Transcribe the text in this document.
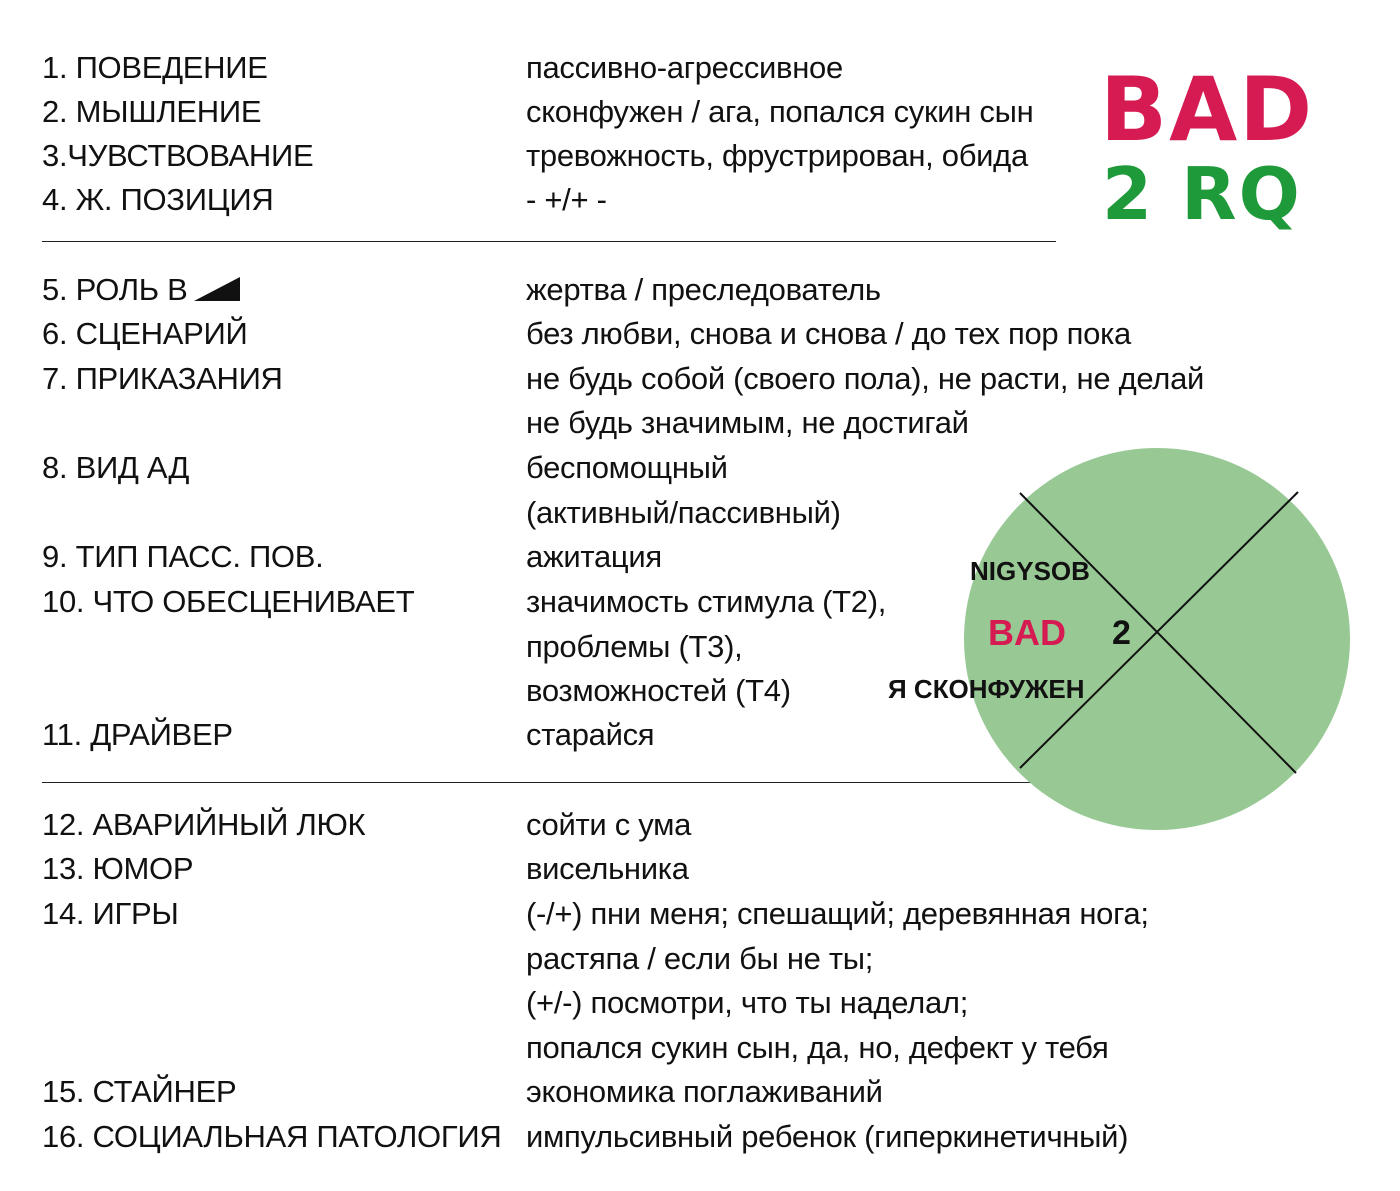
BAD
2 RQ
1. ПОВЕДЕНИЕ	пассивно-агрессивное
2. МЫШЛЕНИЕ	сконфужен / ага, попался сукин сын
3.ЧУВСТВОВАНИЕ	тревожность, фрустрирован, обида
4. Ж. ПОЗИЦИЯ	- +/+ -
5. РОЛЬ В	жертва / преследователь
6. СЦЕНАРИЙ	без любви, снова и снова / до тех пор пока
7. ПРИКАЗАНИЯ	не будь собой (своего пола), не расти, не делай
не будь значимым, не достигай
8. ВИД АД	беспомощный
(активный/пассивный)
9. ТИП ПАСС. ПОВ.	ажитация
10. ЧТО ОБЕСЦЕНИВАЕТ	значимость стимула (Т2),
проблемы (Т3),
возможностей (Т4)
11. ДРАЙВЕР	старайся
12. АВАРИЙНЫЙ ЛЮК	сойти с ума
13. ЮМОР	висельника
14. ИГРЫ	(-/+) пни меня; спешащий; деревянная нога;
растяпа / если бы не ты;
(+/-) посмотри, что ты наделал;
попался сукин сын, да, но, дефект у тебя
15. СТАЙНЕР	экономика поглаживаний
16. СОЦИАЛЬНАЯ ПАТОЛОГИЯ импульсивный ребенок (гиперкинетичный)
NIGYSOB
BAD 2
Я СКОНФУЖЕН
